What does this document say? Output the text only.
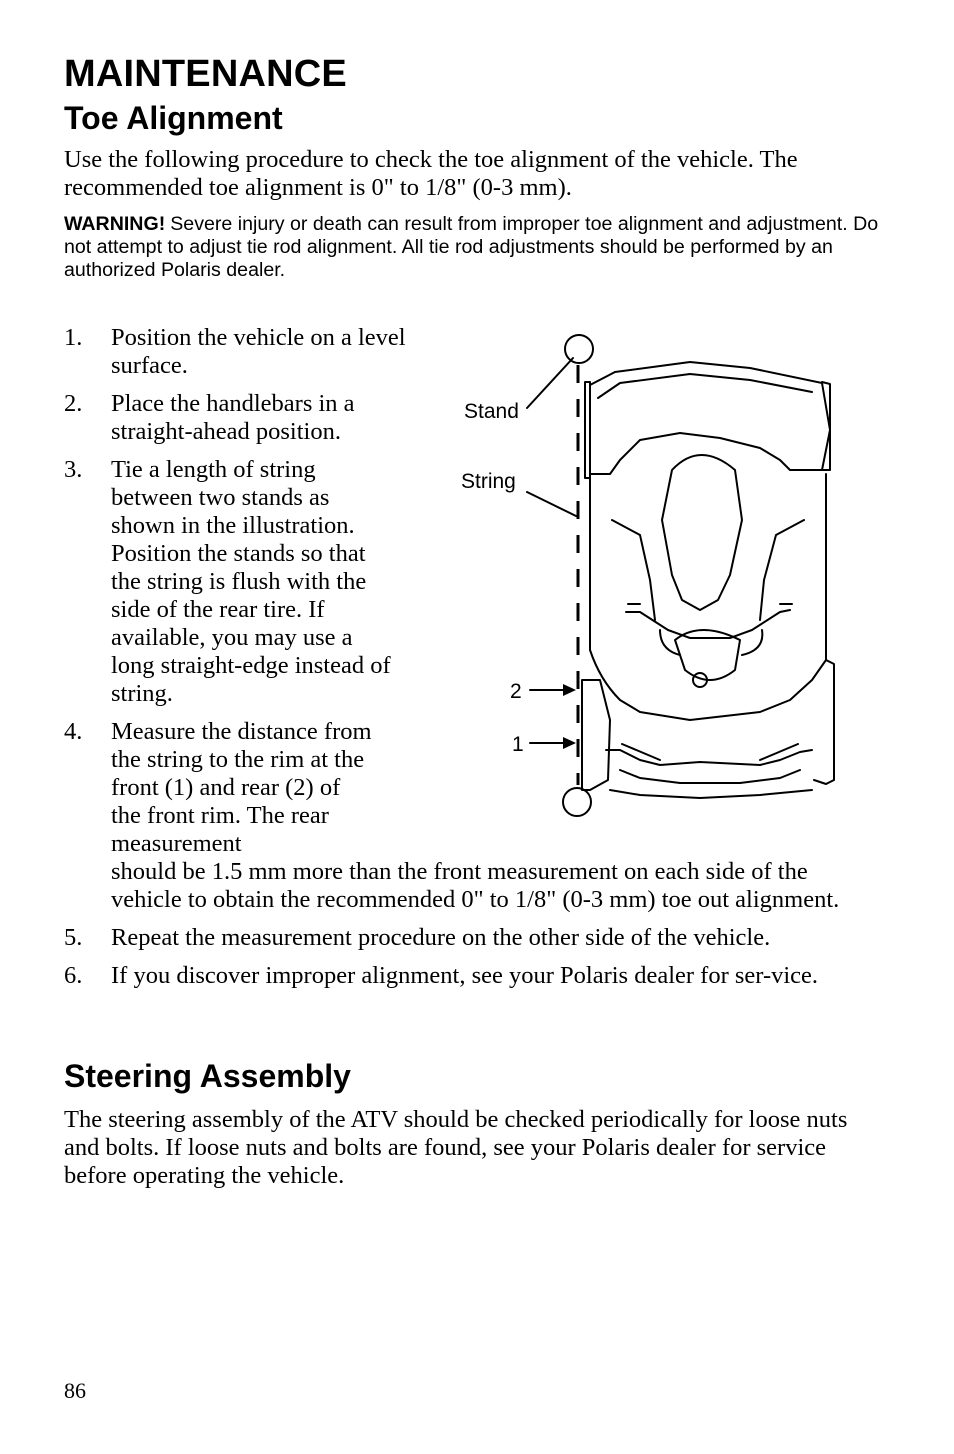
MAINTENANCE
Toe Alignment
Use the following procedure to check the toe alignment of the vehicle. The recommended toe alignment is 0" to 1/8" (0-3 mm).
WARNING! Severe injury or death can result from improper toe alignment and adjustment. Do not attempt to adjust tie rod alignment. All tie rod adjustments should be performed by an authorized Polaris dealer.
1. Position the vehicle on a level surface.
2. Place the handlebars in a straight-ahead position.
3. Tie a length of string between two stands as shown in the illustration. Position the stands so that the string is flush with the side of the rear tire. If available, you may use a long straight-edge instead of string.
4. Measure the distance from the string to the rim at the front (1) and rear (2) of the front rim. The rear measurement
should be 1.5 mm more than the front measurement on each side of the vehicle to obtain the recommended 0" to 1/8" (0-3 mm) toe out alignment.
5. Repeat the measurement procedure on the other side of the vehicle.
6. If you discover improper alignment, see your Polaris dealer for ser-vice.
Stand
String
2
1
Steering Assembly
The steering assembly of the ATV should be checked periodically for loose nuts and bolts. If loose nuts and bolts are found, see your Polaris dealer for service before operating the vehicle.
86
